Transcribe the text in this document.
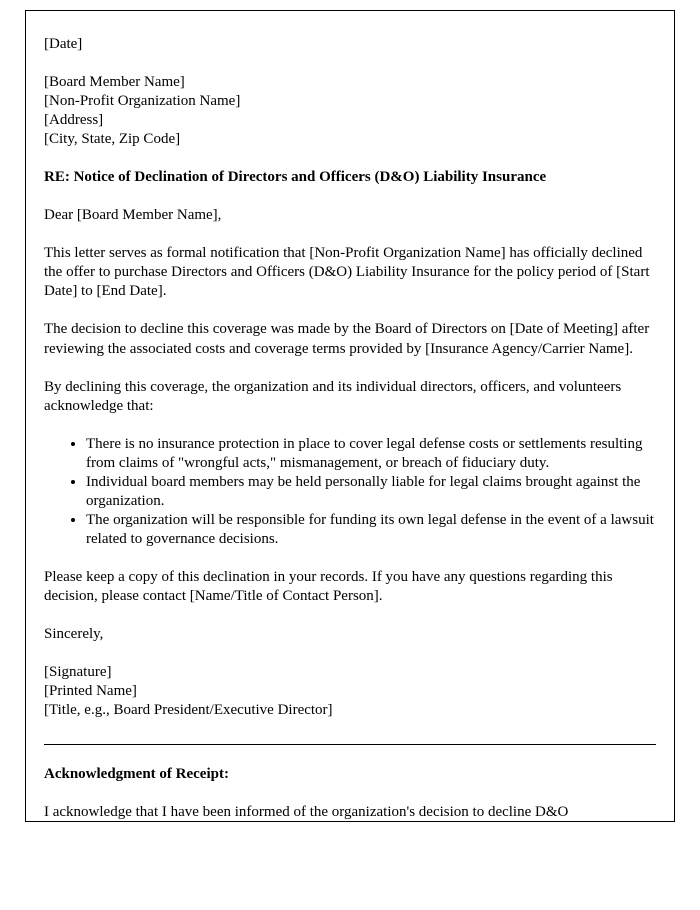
[Date]

[Board Member Name]

[Non-Profit Organization Name]

[Address]

[City, State, Zip Code]

RE: Notice of Declination of Directors and Officers (D&O) Liability Insurance

Dear [Board Member Name],

This letter serves as formal notification that [Non-Profit Organization Name] has officially declined the offer to purchase Directors and Officers (D&O) Liability Insurance for the policy period of [Start Date] to [End Date].

The decision to decline this coverage was made by the Board of Directors on [Date of Meeting] after reviewing the associated costs and coverage terms provided by [Insurance Agency/Carrier Name].

By declining this coverage, the organization and its individual directors, officers, and volunteers acknowledge that:

• There is no insurance protection in place to cover legal defense costs or settlements resulting from claims of "wrongful acts," mismanagement, or breach of fiduciary duty.
• Individual board members may be held personally liable for legal claims brought against the organization.
• The organization will be responsible for funding its own legal defense in the event of a lawsuit related to governance decisions.

Please keep a copy of this declination in your records. If you have any questions regarding this decision, please contact [Name/Title of Contact Person].

Sincerely,

[Signature]

[Printed Name]

[Title, e.g., Board President/Executive Director]

Acknowledgment of Receipt:

I acknowledge that I have been informed of the organization's decision to decline D&O
